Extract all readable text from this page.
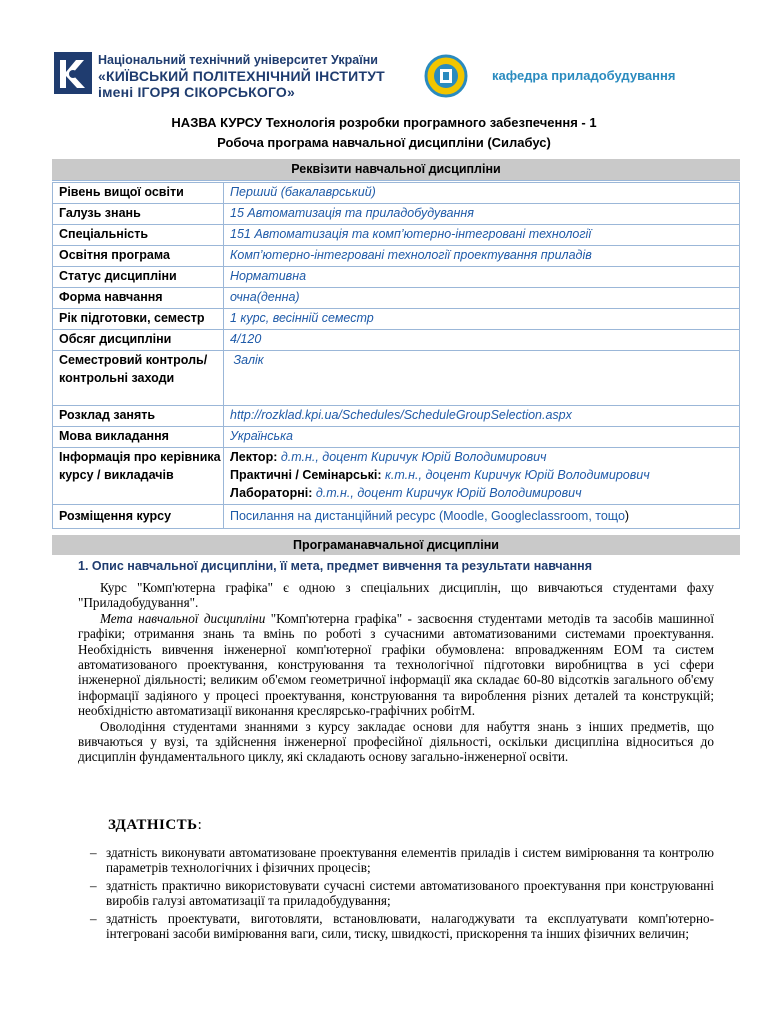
Національний технічний університет України
«КИЇВСЬКИЙ ПОЛІТЕХНІЧНИЙ ІНСТИТУТ
імені ІГОРЯ СІКОРСЬКОГО»
кафедра приладобудування
НАЗВА КУРСУ Технологія розробки програмного забезпечення - 1
Робоча програма навчальної дисципліни (Силабус)
Реквізити навчальної дисципліни
Рівень вищої освіти	Перший (бакалаврський)
Галузь знань	15 Автоматизація та приладобудування
Спеціальність	151 Автоматизація та комп’ютерно-інтегровані технології
Освітня програма	Комп’ютерно-інтегровані технології проектування приладів
Статус дисципліни	Нормативна
Форма навчання	очна(денна)
Рік підготовки, семестр	1 курс, весінній семестр
Обсяг дисципліни	4/120
Семестровий контроль/ контрольні заходи	Залік
Розклад занять	http://rozklad.kpi.ua/Schedules/ScheduleGroupSelection.aspx
Мова викладання	Українська
Інформація про керівника курсу / викладачів	Лектор: д.т.н., доцент Киричук Юрій Володимирович
Практичні / Семінарські: к.т.н., доцент Киричук Юрій Володимирович
Лабораторні: д.т.н., доцент Киричук Юрій Володимирович

Розміщення курсу	Посилання на дистанційний ресурс (Moodle, Googleclassroom, тощо)
Програманавчальної дисципліни
1. Опис навчальної дисципліни, її мета, предмет вивчення та результати навчання

Курс "Комп'ютерна графіка" є одною з спеціальних дисциплін, що вивчаються студентами фаху "Приладобудування".

Мета навчальної дисципліни "Комп'ютерна графіка" - засвоєння студентами методів та засобів машинної графіки; отримання знань та вмінь по роботі з сучасними автоматизованими системами проектування. Необхідність вивчення інженерної комп'ютерної графіки обумовлена: впровадженням ЕОМ та систем автоматизованого проектування, конструювання та технологічної підготовки виробництва в усі сфери інженерної діяльності; великим об'ємом геометричної інформації яка складає 60-80 відсотків загального об'єму інформації задіяного у процесі проектування, конструювання та вироблення різних деталей та конструкцій; необхідністю автоматизації виконання креслярсько-графічних робітМ.

Оволодіння студентами знаннями з курсу закладає основи для набуття знань з інших предметів, що вивчаються у вузі, та здійснення інженерної професійної діяльності, оскільки дисципліна відноситься до дисциплін фундаментального циклу, які складають основу загально-інженерної освіти.

ЗДАТНІСТЬ:
– здатність виконувати автоматизоване проектування елементів приладів і систем вимірювання та контролю параметрів технологічних і фізичних процесів;
– здатність практично використовувати сучасні системи автоматизованого проектування при конструюванні виробів галузі автоматизації та приладобудування;
– здатність проектувати, виготовляти, встановлювати, налагоджувати та експлуатувати комп'ютерно-інтегровані засоби вимірювання ваги, сили, тиску, швидкості, прискорення та інших фізичних величин;
